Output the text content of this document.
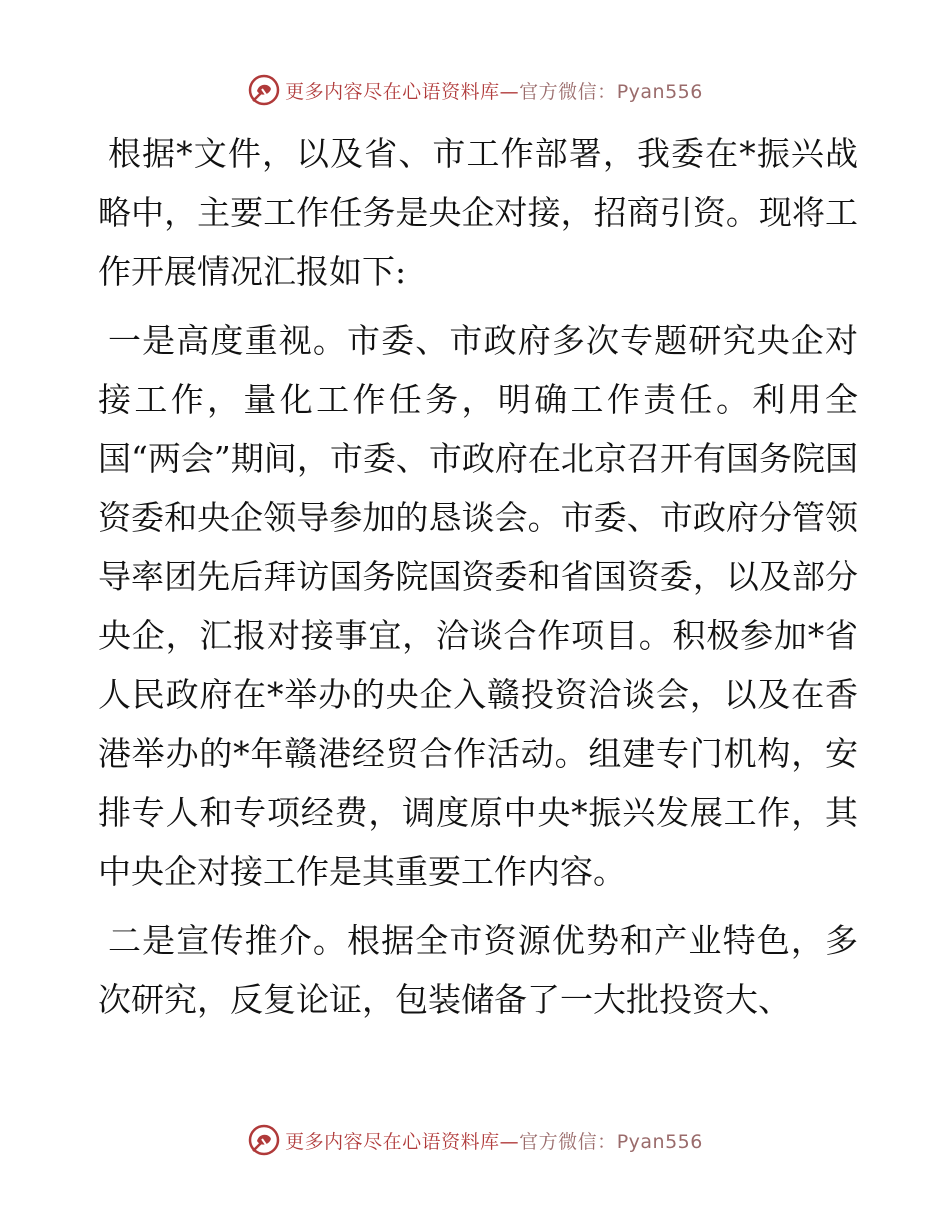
更多内容尽在心语资料库—官方微信：Pyan556

根据*文件，以及省、市工作部署，我委在*振兴战略中，主要工作任务是央企对接，招商引资。现将工作开展情况汇报如下:

一是高度重视。市委、市政府多次专题研究央企对接工作，量化工作任务，明确工作责任。利用全国“两会”期间，市委、市政府在北京召开有国务院国资委和央企领导参加的恳谈会。市委、市政府分管领导率团先后拜访国务院国资委和省国资委，以及部分央企，汇报对接事宜，洽谈合作项目。积极参加*省人民政府在*举办的央企入赣投资洽谈会，以及在香港举办的*年赣港经贸合作活动。组建专门机构，安排专人和专项经费，调度原中央*振兴发展工作，其中央企对接工作是其重要工作内容。

二是宣传推介。根据全市资源优势和产业特色，多次研究，反复论证，包装储备了一大批投资大、

更多内容尽在心语资料库—官方微信：Pyan556
